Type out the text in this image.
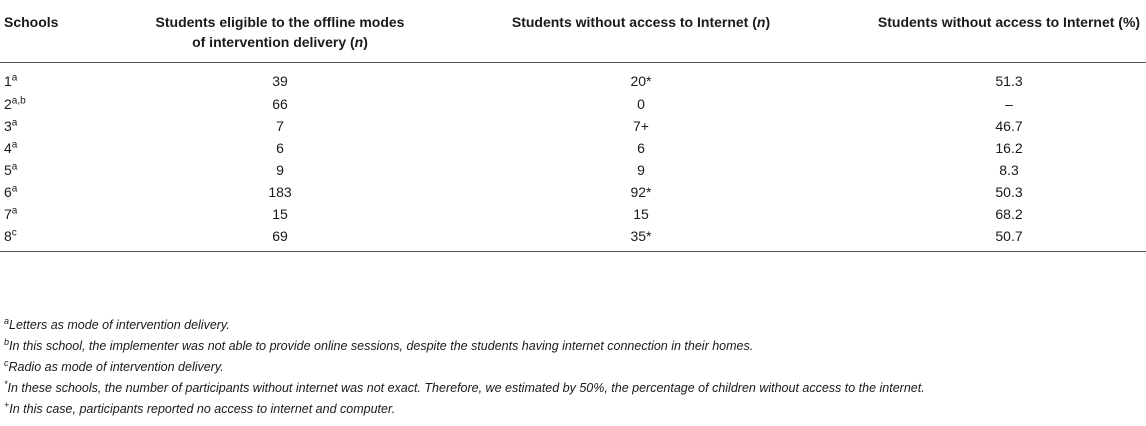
Schools	Students eligible to the offline modes of intervention delivery (n)	Students without access to Internet (n)	Students without access to Internet (%)
1$^a$	39	20*	51.3
2$^{a,b}$	66	0	–
3$^a$	7	7+	46.7
4$^a$	6	6	16.2
5$^a$	9	9	8.3
6$^a$	183	92*	50.3
7$^a$	15	15	68.2
8$^c$	69	35*	50.7
$^a$Letters as mode of intervention delivery.
$^b$In this school, the implementer was not able to provide online sessions, despite the students having internet connection in their homes.
$^c$Radio as mode of intervention delivery.
*In these schools, the number of participants without internet was not exact. Therefore, we estimated by 50%, the percentage of children without access to the internet.
+In this case, participants reported no access to internet and computer.
